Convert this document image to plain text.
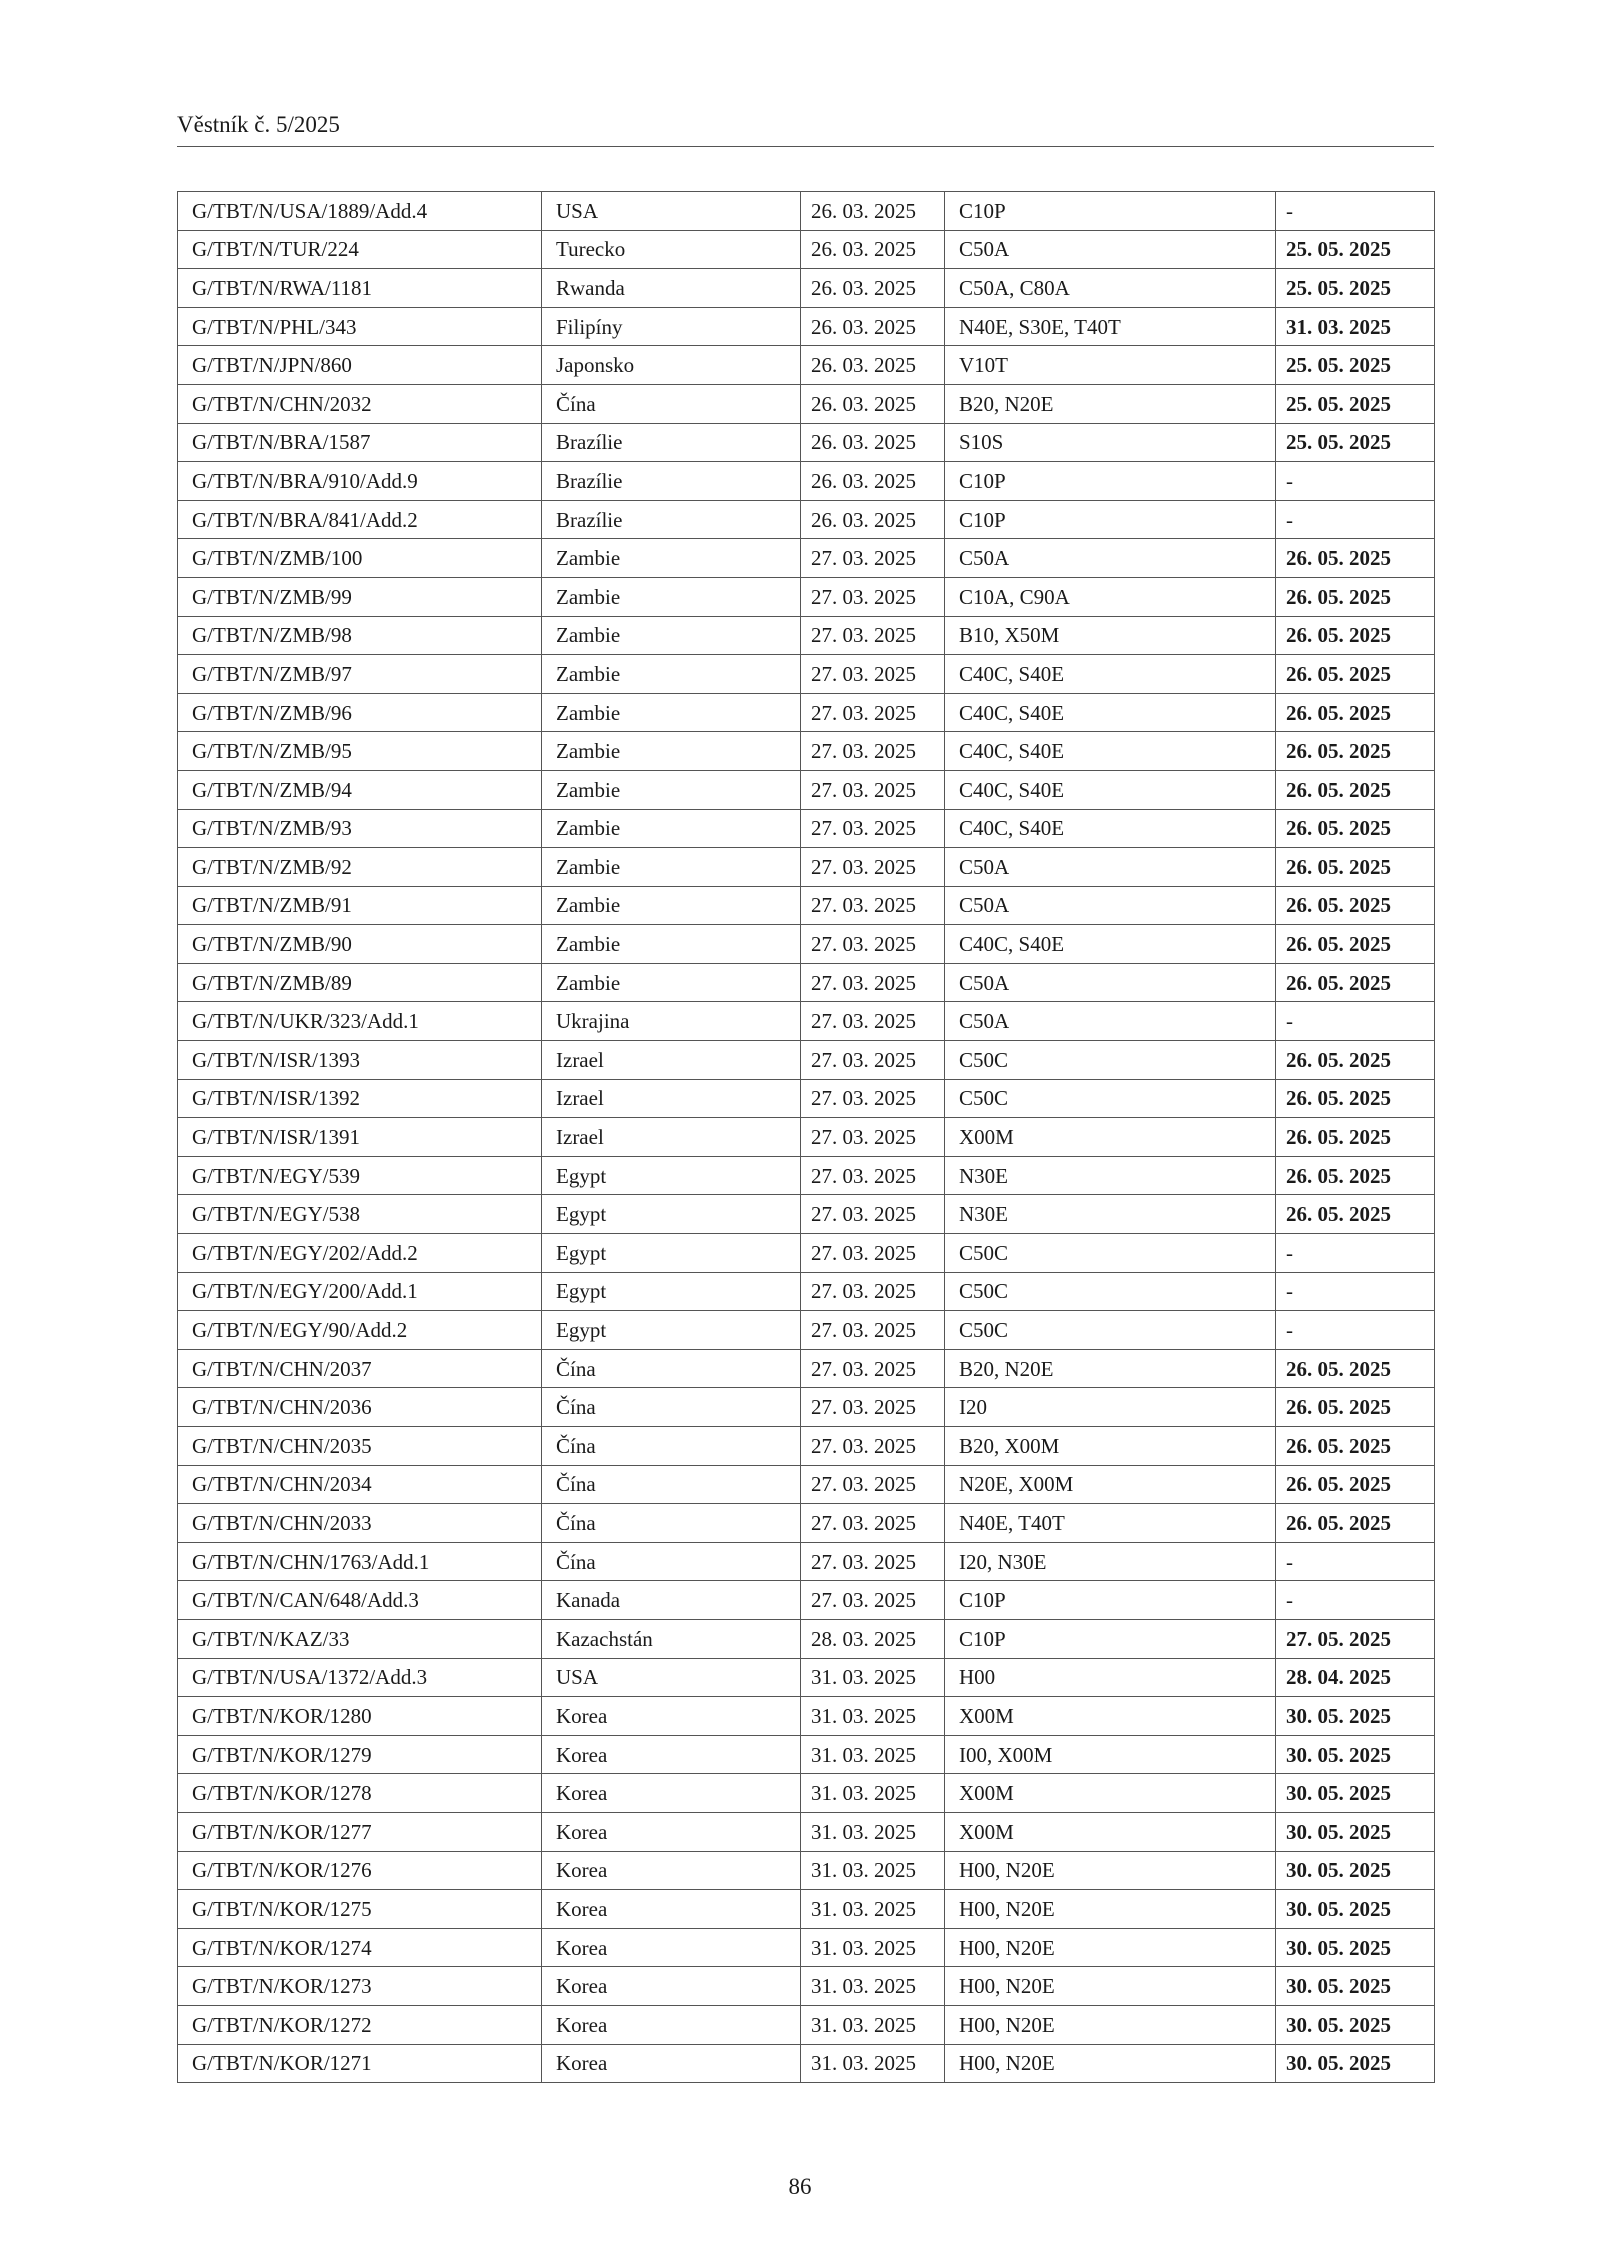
Věstník č. 5/2025
G/TBT/N/USA/1889/Add.4	USA	26. 03. 2025	C10P	-
G/TBT/N/TUR/224	Turecko	26. 03. 2025	C50A	25. 05. 2025
G/TBT/N/RWA/1181	Rwanda	26. 03. 2025	C50A, C80A	25. 05. 2025
G/TBT/N/PHL/343	Filipíny	26. 03. 2025	N40E, S30E, T40T	31. 03. 2025
G/TBT/N/JPN/860	Japonsko	26. 03. 2025	V10T	25. 05. 2025
G/TBT/N/CHN/2032	Čína	26. 03. 2025	B20, N20E	25. 05. 2025
G/TBT/N/BRA/1587	Brazílie	26. 03. 2025	S10S	25. 05. 2025
G/TBT/N/BRA/910/Add.9	Brazílie	26. 03. 2025	C10P	-
G/TBT/N/BRA/841/Add.2	Brazílie	26. 03. 2025	C10P	-
G/TBT/N/ZMB/100	Zambie	27. 03. 2025	C50A	26. 05. 2025
G/TBT/N/ZMB/99	Zambie	27. 03. 2025	C10A, C90A	26. 05. 2025
G/TBT/N/ZMB/98	Zambie	27. 03. 2025	B10, X50M	26. 05. 2025
G/TBT/N/ZMB/97	Zambie	27. 03. 2025	C40C, S40E	26. 05. 2025
G/TBT/N/ZMB/96	Zambie	27. 03. 2025	C40C, S40E	26. 05. 2025
G/TBT/N/ZMB/95	Zambie	27. 03. 2025	C40C, S40E	26. 05. 2025
G/TBT/N/ZMB/94	Zambie	27. 03. 2025	C40C, S40E	26. 05. 2025
G/TBT/N/ZMB/93	Zambie	27. 03. 2025	C40C, S40E	26. 05. 2025
G/TBT/N/ZMB/92	Zambie	27. 03. 2025	C50A	26. 05. 2025
G/TBT/N/ZMB/91	Zambie	27. 03. 2025	C50A	26. 05. 2025
G/TBT/N/ZMB/90	Zambie	27. 03. 2025	C40C, S40E	26. 05. 2025
G/TBT/N/ZMB/89	Zambie	27. 03. 2025	C50A	26. 05. 2025
G/TBT/N/UKR/323/Add.1	Ukrajina	27. 03. 2025	C50A	-
G/TBT/N/ISR/1393	Izrael	27. 03. 2025	C50C	26. 05. 2025
G/TBT/N/ISR/1392	Izrael	27. 03. 2025	C50C	26. 05. 2025
G/TBT/N/ISR/1391	Izrael	27. 03. 2025	X00M	26. 05. 2025
G/TBT/N/EGY/539	Egypt	27. 03. 2025	N30E	26. 05. 2025
G/TBT/N/EGY/538	Egypt	27. 03. 2025	N30E	26. 05. 2025
G/TBT/N/EGY/202/Add.2	Egypt	27. 03. 2025	C50C	-
G/TBT/N/EGY/200/Add.1	Egypt	27. 03. 2025	C50C	-
G/TBT/N/EGY/90/Add.2	Egypt	27. 03. 2025	C50C	-
G/TBT/N/CHN/2037	Čína	27. 03. 2025	B20, N20E	26. 05. 2025
G/TBT/N/CHN/2036	Čína	27. 03. 2025	I20	26. 05. 2025
G/TBT/N/CHN/2035	Čína	27. 03. 2025	B20, X00M	26. 05. 2025
G/TBT/N/CHN/2034	Čína	27. 03. 2025	N20E, X00M	26. 05. 2025
G/TBT/N/CHN/2033	Čína	27. 03. 2025	N40E, T40T	26. 05. 2025
G/TBT/N/CHN/1763/Add.1	Čína	27. 03. 2025	I20, N30E	-
G/TBT/N/CAN/648/Add.3	Kanada	27. 03. 2025	C10P	-
G/TBT/N/KAZ/33	Kazachstán	28. 03. 2025	C10P	27. 05. 2025
G/TBT/N/USA/1372/Add.3	USA	31. 03. 2025	H00	28. 04. 2025
G/TBT/N/KOR/1280	Korea	31. 03. 2025	X00M	30. 05. 2025
G/TBT/N/KOR/1279	Korea	31. 03. 2025	I00, X00M	30. 05. 2025
G/TBT/N/KOR/1278	Korea	31. 03. 2025	X00M	30. 05. 2025
G/TBT/N/KOR/1277	Korea	31. 03. 2025	X00M	30. 05. 2025
G/TBT/N/KOR/1276	Korea	31. 03. 2025	H00, N20E	30. 05. 2025
G/TBT/N/KOR/1275	Korea	31. 03. 2025	H00, N20E	30. 05. 2025
G/TBT/N/KOR/1274	Korea	31. 03. 2025	H00, N20E	30. 05. 2025
G/TBT/N/KOR/1273	Korea	31. 03. 2025	H00, N20E	30. 05. 2025
G/TBT/N/KOR/1272	Korea	31. 03. 2025	H00, N20E	30. 05. 2025
G/TBT/N/KOR/1271	Korea	31. 03. 2025	H00, N20E	30. 05. 2025
86
